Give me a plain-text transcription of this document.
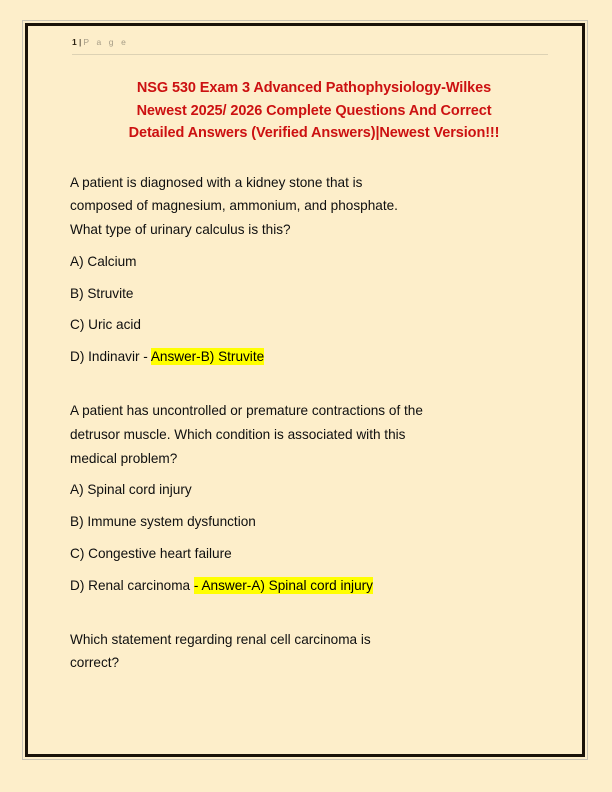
1 | P a g e
NSG 530 Exam 3 Advanced Pathophysiology-Wilkes
Newest 2025/ 2026 Complete Questions And Correct
Detailed Answers (Verified Answers)|Newest Version!!!
A patient is diagnosed with a kidney stone that is
composed of magnesium, ammonium, and phosphate.
What type of urinary calculus is this?
A) Calcium
B) Struvite
C) Uric acid
D) Indinavir - Answer-B) Struvite
A patient has uncontrolled or premature contractions of the
detrusor muscle. Which condition is associated with this
medical problem?
A) Spinal cord injury
B) Immune system dysfunction
C) Congestive heart failure
D) Renal carcinoma - Answer-A) Spinal cord injury
Which statement regarding renal cell carcinoma is
correct?
